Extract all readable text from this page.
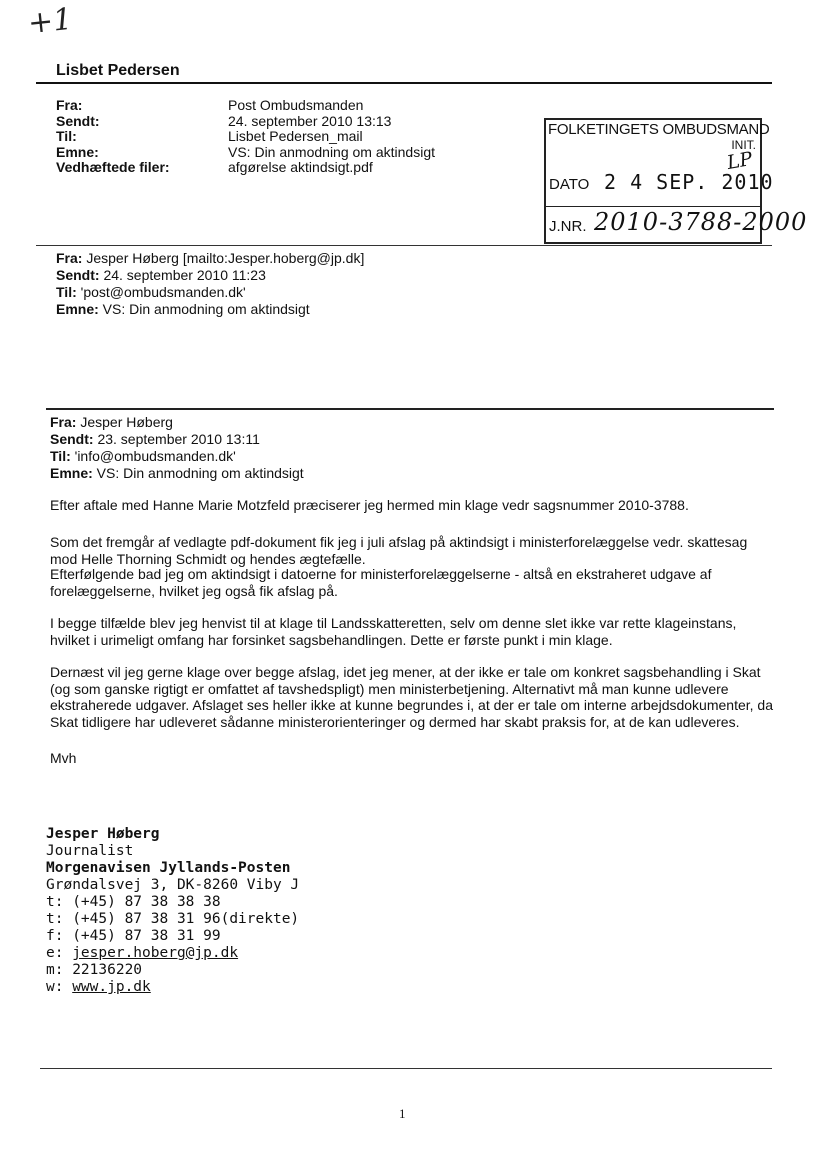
+1
Lisbet Pedersen
Fra:
Sendt:
Til:
Emne:
Vedhæftede filer:
Post Ombudsmanden
24. september 2010 13:13
Lisbet Pedersen_mail
VS: Din anmodning om aktindsigt
afgørelse aktindsigt.pdf
FOLKETINGETS OMBUDSMAND
INIT.
LP
DATO 2 4 SEP. 2010
J.NR. 2010-3788-2000
Fra: Jesper Høberg [mailto:Jesper.hoberg@jp.dk]
Sendt: 24. september 2010 11:23
Til: 'post@ombudsmanden.dk'
Emne: VS: Din anmodning om aktindsigt
Fra: Jesper Høberg
Sendt: 23. september 2010 13:11
Til: 'info@ombudsmanden.dk'
Emne: VS: Din anmodning om aktindsigt
Efter aftale med Hanne Marie Motzfeld præciserer jeg hermed min klage vedr sagsnummer 2010-3788.
Som det fremgår af vedlagte pdf-dokument fik jeg i juli afslag på aktindsigt i ministerforelæggelse vedr. skattesag mod Helle Thorning Schmidt og hendes ægtefælle.
Efterfølgende bad jeg om aktindsigt i datoerne for ministerforelæggelserne - altså en ekstraheret udgave af forelæggelserne, hvilket jeg også fik afslag på.
I begge tilfælde blev jeg henvist til at klage til Landsskatteretten, selv om denne slet ikke var rette klageinstans, hvilket i urimeligt omfang har forsinket sagsbehandlingen. Dette er første punkt i min klage.
Dernæst vil jeg gerne klage over begge afslag, idet jeg mener, at der ikke er tale om konkret sagsbehandling i Skat (og som ganske rigtigt er omfattet af tavshedspligt) men ministerbetjening. Alternativt må man kunne udlevere ekstraherede udgaver. Afslaget ses heller ikke at kunne begrundes i, at der er tale om interne arbejdsdokumenter, da Skat tidligere har udleveret sådanne ministerorienteringer og dermed har skabt praksis for, at de kan udleveres.
Mvh
Jesper Høberg
Journalist
Morgenavisen Jyllands-Posten
Grøndalsvej 3, DK-8260 Viby J
t: (+45) 87 38 38 38
t: (+45) 87 38 31 96(direkte)
f: (+45) 87 38 31 99
e: jesper.hoberg@jp.dk
m: 22136220
w: www.jp.dk
1
